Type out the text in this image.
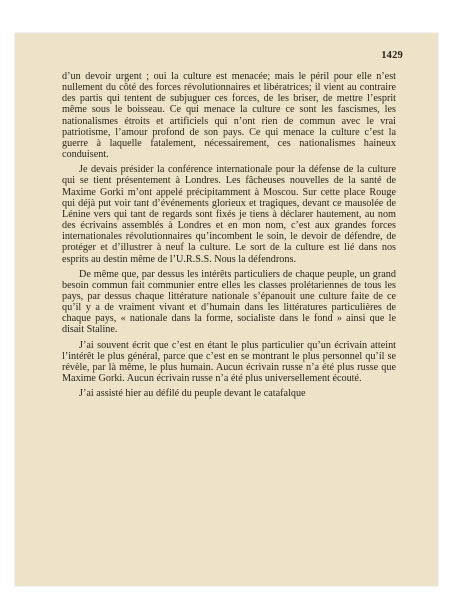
1429

d’un devoir urgent ; oui la culture est menacée; mais le péril pour elle n’est nullement du côté des forces révolutionnaires et libératrices; il vient au contraire des partis qui tentent de subjuguer ces forces, de les briser, de mettre l’esprit même sous le boisseau. Ce qui menace la culture ce sont les fascismes, les nationalismes étroits et artificiels qui n’ont rien de commun avec le vrai patriotisme, l’amour profond de son pays. Ce qui menace la culture c’est la guerre à laquelle fatalement, nécessairement, ces nationalismes haineux conduisent.

Je devais présider la conférence internationale pour la défense de la culture qui se tient présentement à Londres. Les fâcheuses nouvelles de la santé de Maxime Gorki m’ont appelé précipitamment à Moscou. Sur cette place Rouge qui déjà put voir tant d’événements glorieux et tragiques, devant ce mausolée de Lénine vers qui tant de regards sont fixés je tiens à déclarer hautement, au nom des écrivains assemblés à Londres et en mon nom, c’est aux grandes forces internationales révolutionnaires qu’incombent le soin, le devoir de défendre, de protéger et d’illustrer à neuf la culture. Le sort de la culture est lié dans nos esprits au destin même de l’U.R.S.S. Nous la défendrons.

De même que, par dessus les intérêts particuliers de chaque peuple, un grand besoin commun fait communier entre elles les classes prolétariennes de tous les pays, par dessus chaque littérature nationale s’épanouit une culture faite de ce qu’il y a de vraiment vivant et d’humain dans les littératures particulières de chaque pays, « nationale dans la forme, socialiste dans le fond » ainsi que le disait Staline.

J’ai souvent écrit que c’est en étant le plus particulier qu’un écrivain atteint l’intérêt le plus général, parce que c’est en se montrant le plus personnel qu’il se révèle, par là même, le plus humain. Aucun écrivain russe n’a été plus russe que Maxime Gorki. Aucun écrivain russe n’a été plus universellement écouté.

J’ai assisté hier au défilé du peuple devant le catafalque
